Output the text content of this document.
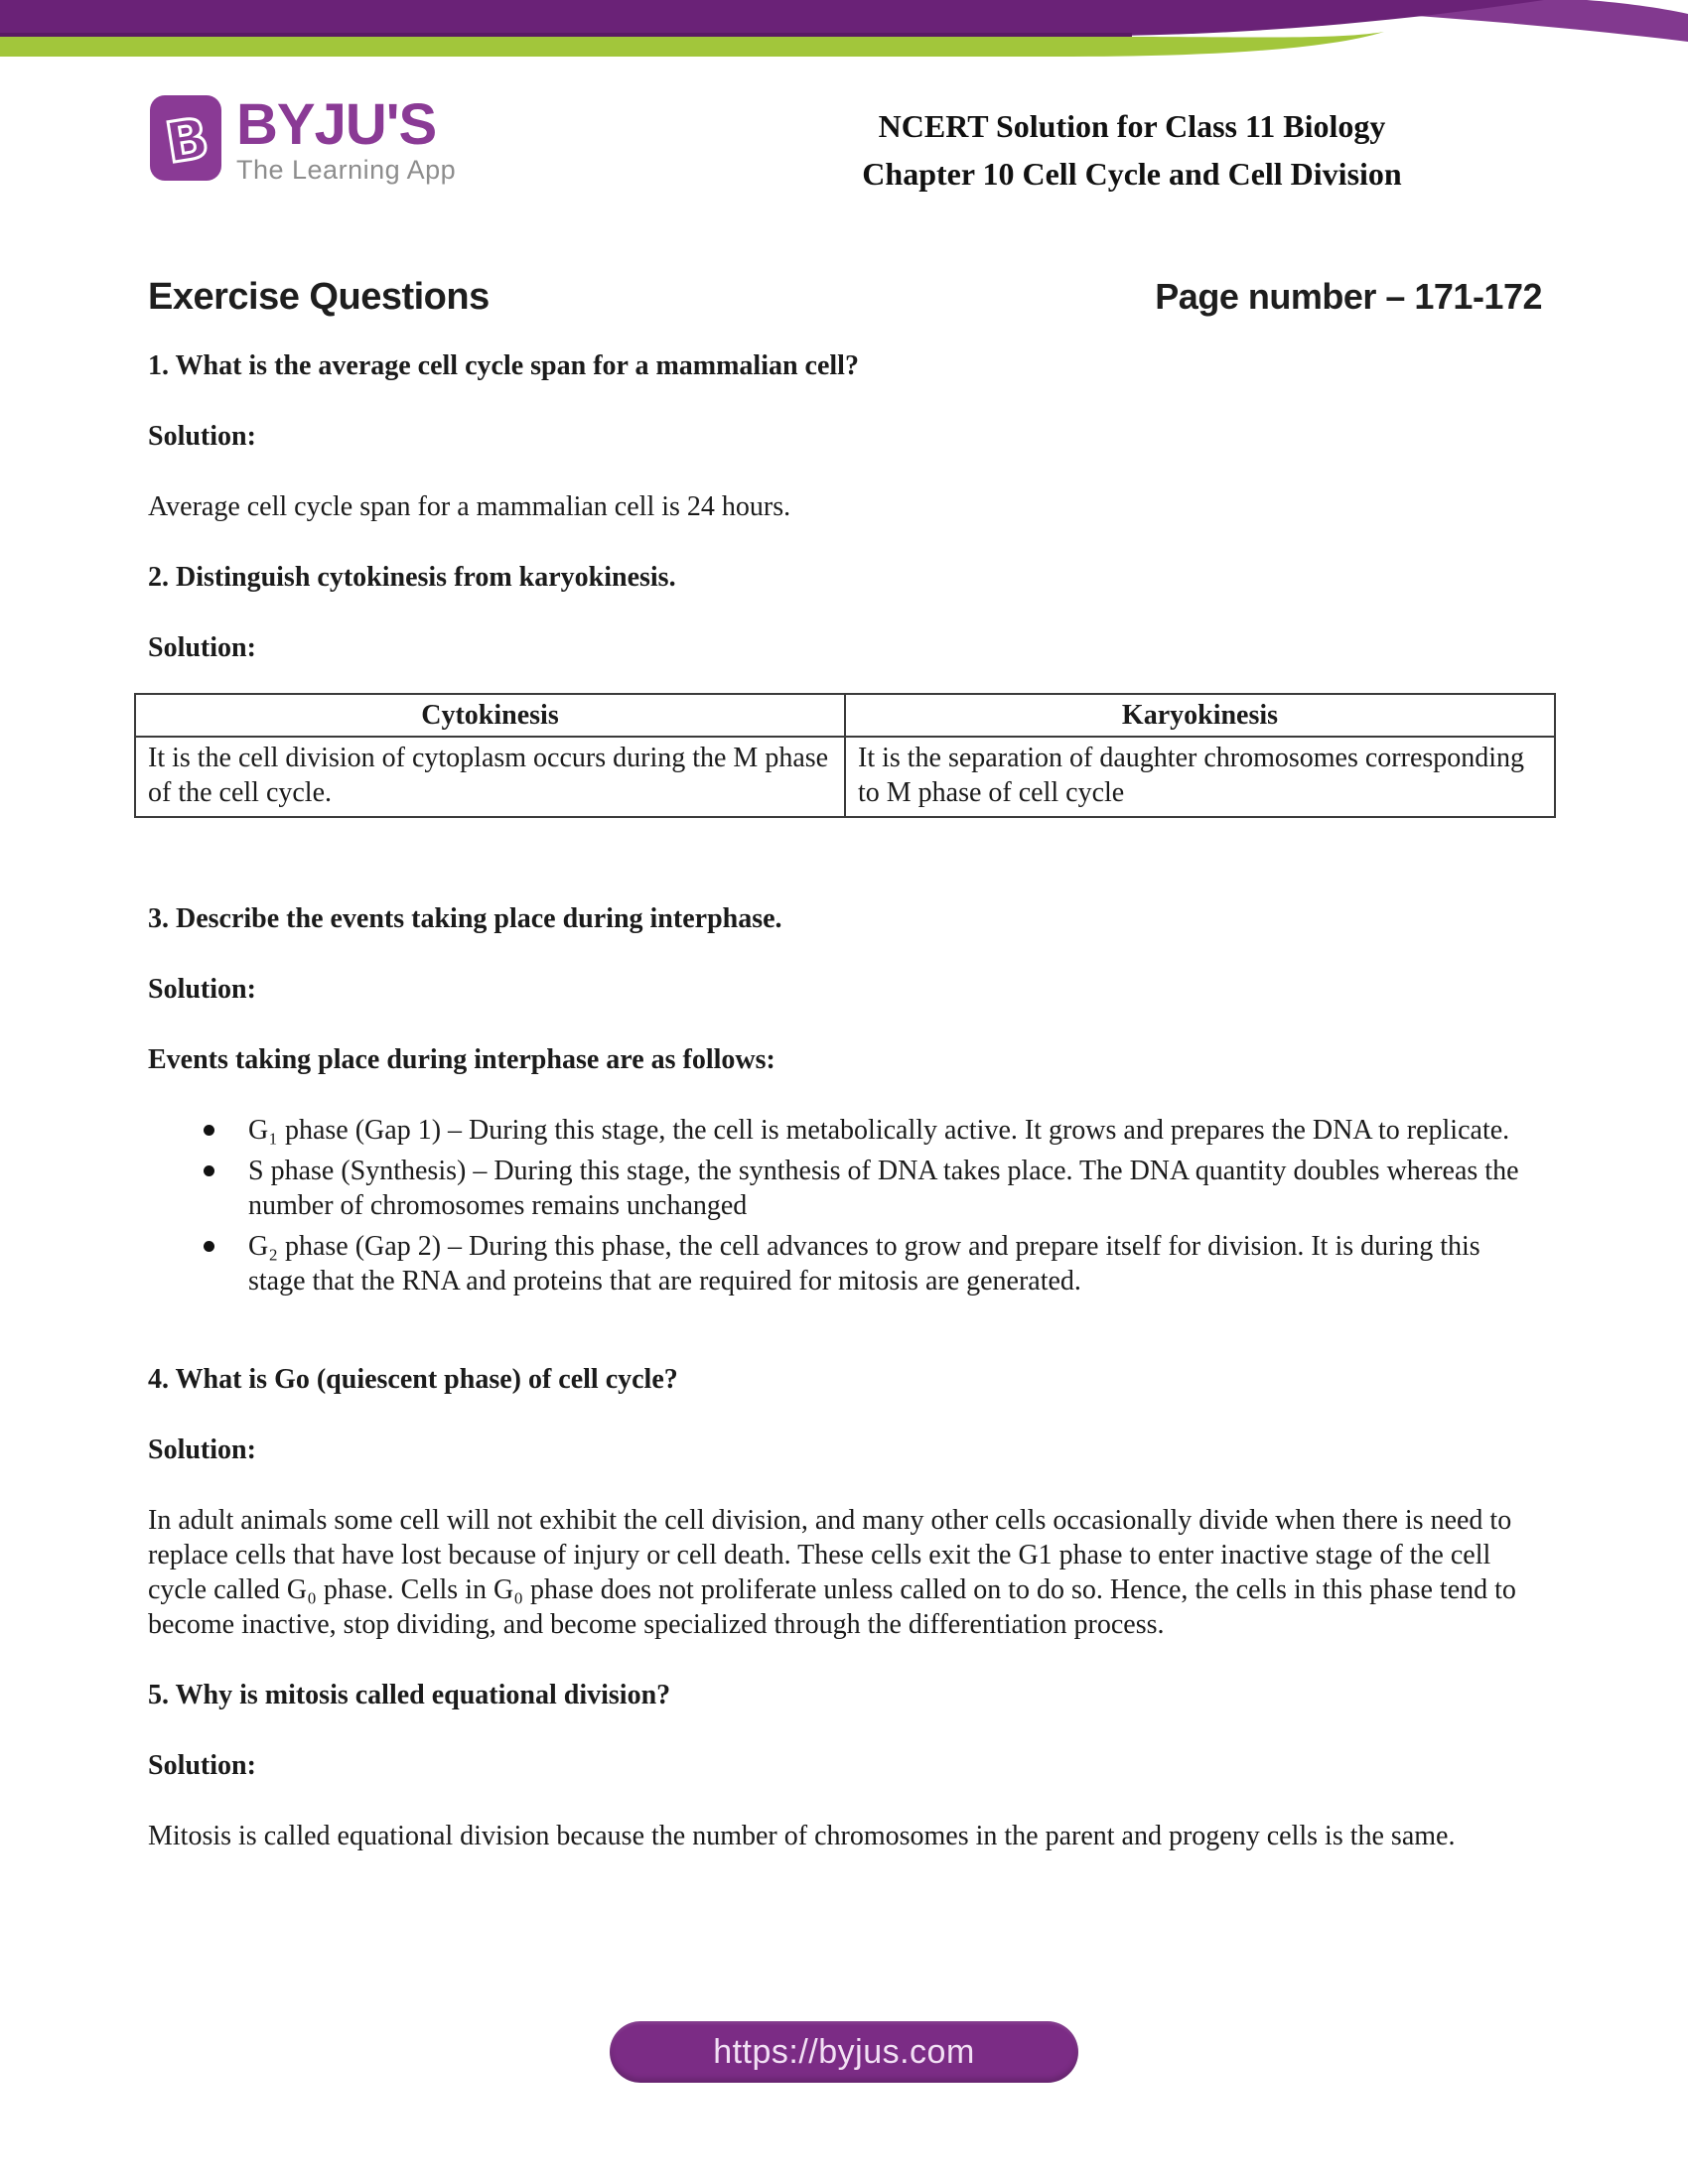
B BYJU'S
The Learning App
NCERT Solution for Class 11 Biology
Chapter 10 Cell Cycle and Cell Division
Exercise Questions	Page number – 171-172

1. What is the average cell cycle span for a mammalian cell?

Solution:

Average cell cycle span for a mammalian cell is 24 hours.

2. Distinguish cytokinesis from karyokinesis.

Solution:

Cytokinesis	Karyokinesis
It is the cell division of cytoplasm occurs during the M phase of the cell cycle.	It is the separation of daughter chromosomes corresponding to M phase of cell cycle

3. Describe the events taking place during interphase.

Solution:

Events taking place during interphase are as follows:

G₁ phase (Gap 1) – During this stage, the cell is metabolically active. It grows and prepares the DNA to replicate.
S phase (Synthesis) – During this stage, the synthesis of DNA takes place. The DNA quantity doubles whereas the number of chromosomes remains unchanged
G₂ phase (Gap 2) – During this phase, the cell advances to grow and prepare itself for division. It is during this stage that the RNA and proteins that are required for mitosis are generated.

4. What is Go (quiescent phase) of cell cycle?

Solution:

In adult animals some cell will not exhibit the cell division, and many other cells occasionally divide when there is need to replace cells that have lost because of injury or cell death. These cells exit the G1 phase to enter inactive stage of the cell cycle called G₀ phase. Cells in G₀ phase does not proliferate unless called on to do so. Hence, the cells in this phase tend to become inactive, stop dividing, and become specialized through the differentiation process.

5. Why is mitosis called equational division?

Solution:

Mitosis is called equational division because the number of chromosomes in the parent and progeny cells is the same.

https://byjus.com
